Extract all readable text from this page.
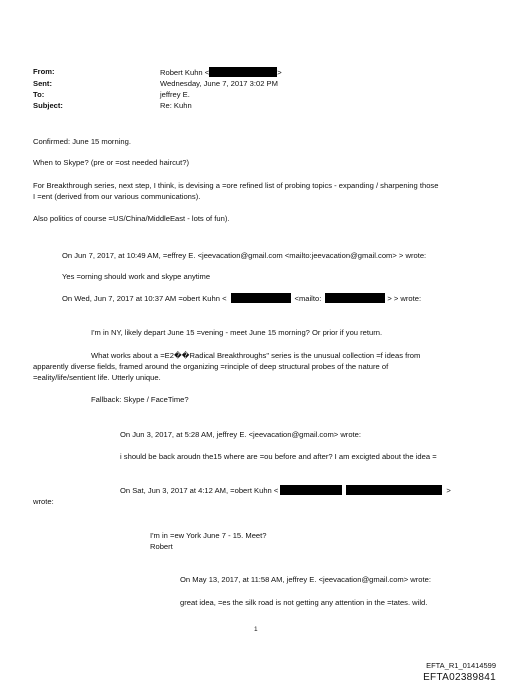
From:	Robert Kuhn <	>
Sent:	Wednesday, June 7, 2017 3:02 PM
To:	jeffrey E.
Subject:	Re: Kuhn
Confirmed: June 15 morning.
When to Skype? (pre or =ost needed haircut?)
For Breakthrough series, next step, I think, is devising a =ore refined list of probing topics - expanding / sharpening those
I =ent (derived from our various communications).
Also politics of course =US/China/MiddleEast - lots of fun).
On Jun 7, 2017, at 10:49 AM, =effrey E. <jeevacation@gmail.com <mailto:jeevacation@gmail.com> > wrote:
Yes =orning should work and skype anytime
On Wed, Jun 7, 2017 at 10:37 AM =obert Kuhn <	<mailto:	> > wrote:
I'm in NY, likely depart June 15 =vening - meet June 15 morning? Or prior if you return.
What works about a =E2��Radical Breakthroughs" series is the unusual collection =f ideas from
apparently diverse fields, framed around the organizing =rinciple of deep structural probes of the nature of
=eality/life/sentient life. Utterly unique.
Fallback: Skype / FaceTime?
On Jun 3, 2017, at 5:28 AM, jeffrey E. <jeevacation@gmail.com> wrote:
i should be back aroudn the15 where are =ou before and after? I am excigted about the idea =
On Sat, Jun 3, 2017 at 4:12 AM, =obert Kuhn <	>
wrote:
I'm in =ew York June 7 - 15. Meet?
Robert
On May 13, 2017, at 11:58 AM, jeffrey E. <jeevacation@gmail.com> wrote:
great idea, =es the silk road is not getting any attention in the =tates. wild.
1
EFTA_R1_01414599
EFTA02389841
